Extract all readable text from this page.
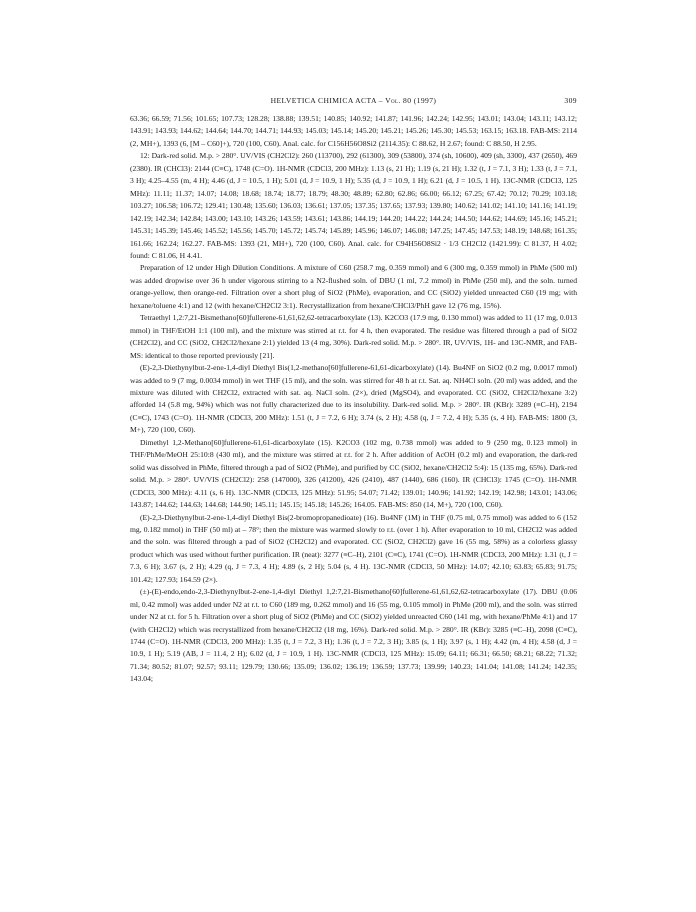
HELVETICA CHIMICA ACTA – Vol. 80 (1997)	309

63.36; 66.59; 71.56; 101.65; 107.73; 128.28; 138.88; 139.51; 140.85; 140.92; 141.87; 141.96; 142.24; 142.95; 143.01; 143.04; 143.11; 143.12; 143.91; 143.93; 144.62; 144.64; 144.70; 144.71; 144.93; 145.03; 145.14; 145.20; 145.21; 145.26; 145.30; 145.53; 163.15; 163.18. FAB-MS: 2114 (2, MH+), 1393 (6, [M – C60]+), 720 (100, C60). Anal. calc. for C156H56O8Si2 (2114.35): C 88.62, H 2.67; found: C 88.50, H 2.95.

12: Dark-red solid. M.p. > 280°. UV/VIS (CH2Cl2): 260 (113700), 292 (61300), 309 (53800), 374 (sh, 10600), 409 (sh, 3300), 437 (2650), 469 (2380). IR (CHCl3): 2144 (C≡C), 1748 (C=O). 1H-NMR (CDCl3, 200 MHz): 1.13 (s, 21 H); 1.19 (s, 21 H); 1.32 (t, J = 7.1, 3 H); 1.33 (t, J = 7.1, 3 H); 4.25–4.55 (m, 4 H); 4.46 (d, J = 10.5, 1 H); 5.01 (d, J = 10.9, 1 H); 5.35 (d, J = 10.9, 1 H); 6.21 (d, J = 10.5, 1 H). 13C-NMR (CDCl3, 125 MHz): 11.11; 11.37; 14.07; 14.08; 18.68; 18.74; 18.77; 18.79; 48.30; 48.89; 62.80; 62.86; 66.00; 66.12; 67.25; 67.42; 70.12; 70.29; 103.18; 103.27; 106.58; 106.72; 129.41; 130.48; 135.60; 136.03; 136.61; 137.05; 137.35; 137.65; 137.93; 139.80; 140.62; 141.02; 141.10; 141.16; 141.19; 142.19; 142.34; 142.84; 143.00; 143.10; 143.26; 143.59; 143.61; 143.86; 144.19; 144.20; 144.22; 144.24; 144.50; 144.62; 144.69; 145.16; 145.21; 145.31; 145.39; 145.46; 145.52; 145.56; 145.70; 145.72; 145.74; 145.89; 145.96; 146.07; 146.08; 147.25; 147.45; 147.53; 148.19; 148.68; 161.35; 161.66; 162.24; 162.27. FAB-MS: 1393 (21, MH+), 720 (100, C60). Anal. calc. for C94H56O8Si2 · 1/3 CH2Cl2 (1421.99): C 81.37, H 4.02; found: C 81.06, H 4.41.

Preparation of 12 under High Dilution Conditions. A mixture of C60 (258.7 mg, 0.359 mmol) and 6 (300 mg, 0.359 mmol) in PhMe (500 ml) was added dropwise over 36 h under vigorous stirring to a N2-flushed soln. of DBU (1 ml, 7.2 mmol) in PhMe (250 ml), and the soln. turned orange-yellow, then orange-red. Filtration over a short plug of SiO2 (PhMe), evaporation, and CC (SiO2) yielded unreacted C60 (19 mg; with hexane/toluene 4:1) and 12 (with hexane/CH2Cl2 3:1). Recrystallization from hexane/CHCl3/PhH gave 12 (76 mg, 15%).

Tetraethyl 1,2:7,21-Bismethano[60]fullerene-61,61,62,62-tetracarboxylate (13). K2CO3 (17.9 mg, 0.130 mmol) was added to 11 (17 mg, 0.013 mmol) in THF/EtOH 1:1 (100 ml), and the mixture was stirred at r.t. for 4 h, then evaporated. The residue was filtered through a pad of SiO2 (CH2Cl2), and CC (SiO2, CH2Cl2/hexane 2:1) yielded 13 (4 mg, 30%). Dark-red solid. M.p. > 280°. IR, UV/VIS, 1H- and 13C-NMR, and FAB-MS: identical to those reported previously [21].

(E)-2,3-Diethynylbut-2-ene-1,4-diyl Diethyl Bis(1,2-methano[60]fullerene-61,61-dicarboxylate) (14). Bu4NF on SiO2 (0.2 mg, 0.0017 mmol) was added to 9 (7 mg, 0.0034 mmol) in wet THF (15 ml), and the soln. was stirred for 48 h at r.t. Sat. aq. NH4Cl soln. (20 ml) was added, and the mixture was diluted with CH2Cl2, extracted with sat. aq. NaCl soln. (2×), dried (MgSO4), and evaporated. CC (SiO2, CH2Cl2/hexane 3:2) afforded 14 (5.8 mg, 94%) which was not fully characterized due to its insolubility. Dark-red solid. M.p. > 280°. IR (KBr): 3289 (≡C–H), 2194 (C≡C), 1743 (C=O). 1H-NMR (CDCl3, 200 MHz): 1.51 (t, J = 7.2, 6 H); 3.74 (s, 2 H); 4.58 (q, J = 7.2, 4 H); 5.35 (s, 4 H). FAB-MS: 1800 (3, M+), 720 (100, C60).

Dimethyl 1,2-Methano[60]fullerene-61,61-dicarboxylate (15). K2CO3 (102 mg, 0.738 mmol) was added to 9 (250 mg, 0.123 mmol) in THF/PhMe/MeOH 25:10:8 (430 ml), and the mixture was stirred at r.t. for 2 h. After addition of AcOH (0.2 ml) and evaporation, the dark-red solid was dissolved in PhMe, filtered through a pad of SiO2 (PhMe), and purified by CC (SiO2, hexane/CH2Cl2 5:4): 15 (135 mg, 65%). Dark-red solid. M.p. > 280°. UV/VIS (CH2Cl2): 258 (147000), 326 (41200), 426 (2410), 487 (1440), 686 (160). IR (CHCl3): 1745 (C=O). 1H-NMR (CDCl3, 300 MHz): 4.11 (s, 6 H). 13C-NMR (CDCl3, 125 MHz): 51.95; 54.07; 71.42; 139.01; 140.96; 141.92; 142.19; 142.98; 143.01; 143.06; 143.87; 144.62; 144.63; 144.68; 144.90; 145.11; 145.15; 145.18; 145.26; 164.05. FAB-MS: 850 (14, M+), 720 (100, C60).

(E)-2,3-Diethynylbut-2-ene-1,4-diyl Diethyl Bis(2-bromopropanedioate) (16). Bu4NF (1M) in THF (0.75 ml, 0.75 mmol) was added to 6 (152 mg, 0.182 mmol) in THF (50 ml) at – 78°; then the mixture was warmed slowly to r.t. (over 1 h). After evaporation to 10 ml, CH2Cl2 was added and the soln. was filtered through a pad of SiO2 (CH2Cl2) and evaporated. CC (SiO2, CH2Cl2) gave 16 (55 mg, 58%) as a colorless glassy product which was used without further purification. IR (neat): 3277 (≡C–H), 2101 (C≡C), 1741 (C=O). 1H-NMR (CDCl3, 200 MHz): 1.31 (t, J = 7.3, 6 H); 3.67 (s, 2 H); 4.29 (q, J = 7.3, 4 H); 4.89 (s, 2 H); 5.04 (s, 4 H). 13C-NMR (CDCl3, 50 MHz): 14.07; 42.10; 63.83; 65.83; 91.75; 101.42; 127.93; 164.59 (2×).

(±)-(E)-endo,endo-2,3-Diethynylbut-2-ene-1,4-diyl Diethyl 1,2:7,21-Bismethano[60]fullerene-61,61,62,62-tetracarboxylate (17). DBU (0.06 ml, 0.42 mmol) was added under N2 at r.t. to C60 (189 mg, 0.262 mmol) and 16 (55 mg, 0.105 mmol) in PhMe (200 ml), and the soln. was stirred under N2 at r.t. for 5 h. Filtration over a short plug of SiO2 (PhMe) and CC (SiO2) yielded unreacted C60 (141 mg, with hexane/PhMe 4:1) and 17 (with CH2Cl2) which was recrystallized from hexane/CH2Cl2 (18 mg, 16%). Dark-red solid. M.p. > 280°. IR (KBr): 3285 (≡C–H), 2098 (C≡C), 1744 (C=O). 1H-NMR (CDCl3, 200 MHz): 1.35 (t, J = 7.2, 3 H); 1.36 (t, J = 7.2, 3 H); 3.85 (s, 1 H); 3.97 (s, 1 H); 4.42 (m, 4 H); 4.58 (d, J = 10.9, 1 H); 5.19 (AB, J = 11.4, 2 H); 6.02 (d, J = 10.9, 1 H). 13C-NMR (CDCl3, 125 MHz): 15.09; 64.11; 66.31; 66.50; 68.21; 68.22; 71.32; 71.34; 80.52; 81.07; 92.57; 93.11; 129.79; 130.66; 135.09; 136.02; 136.19; 136.59; 137.73; 139.99; 140.23; 141.04; 141.08; 141.24; 142.35; 143.04;
